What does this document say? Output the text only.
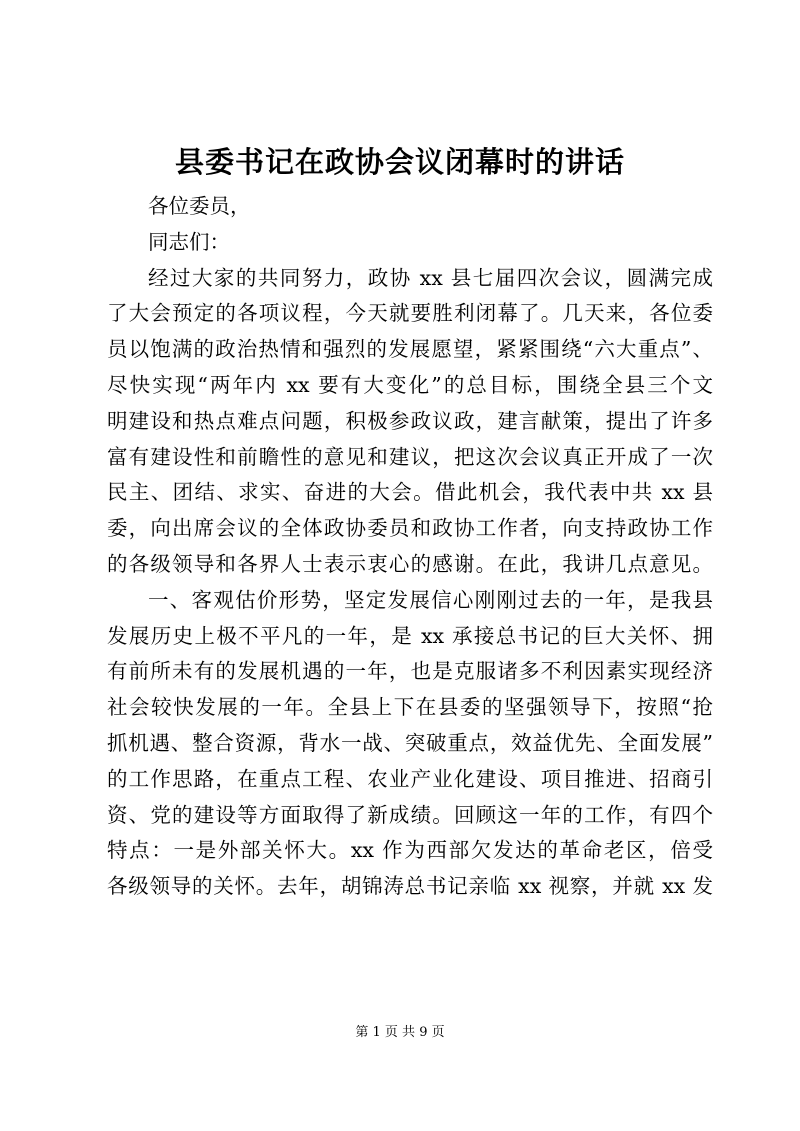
县委书记在政协会议闭幕时的讲话
各位委员，
同志们：
经过大家的共同努力，政协 xx 县七届四次会议，圆满完成
了大会预定的各项议程，今天就要胜利闭幕了。几天来，各位委
员以饱满的政治热情和强烈的发展愿望，紧紧围绕“六大重点”、
尽快实现“两年内 xx 要有大变化”的总目标，围绕全县三个文
明建设和热点难点问题，积极参政议政，建言献策，提出了许多
富有建设性和前瞻性的意见和建议，把这次会议真正开成了一次
民主、团结、求实、奋进的大会。借此机会，我代表中共 xx 县
委，向出席会议的全体政协委员和政协工作者，向支持政协工作
的各级领导和各界人士表示衷心的感谢。在此，我讲几点意见。
一、客观估价形势，坚定发展信心刚刚过去的一年，是我县
发展历史上极不平凡的一年，是 xx 承接总书记的巨大关怀、拥
有前所未有的发展机遇的一年，也是克服诸多不利因素实现经济
社会较快发展的一年。全县上下在县委的坚强领导下，按照“抢
抓机遇、整合资源，背水一战、突破重点，效益优先、全面发展”
的工作思路，在重点工程、农业产业化建设、项目推进、招商引
资、党的建设等方面取得了新成绩。回顾这一年的工作，有四个
特点：一是外部关怀大。xx 作为西部欠发达的革命老区，倍受
各级领导的关怀。去年，胡锦涛总书记亲临 xx 视察，并就 xx 发
第 1 页 共 9 页
